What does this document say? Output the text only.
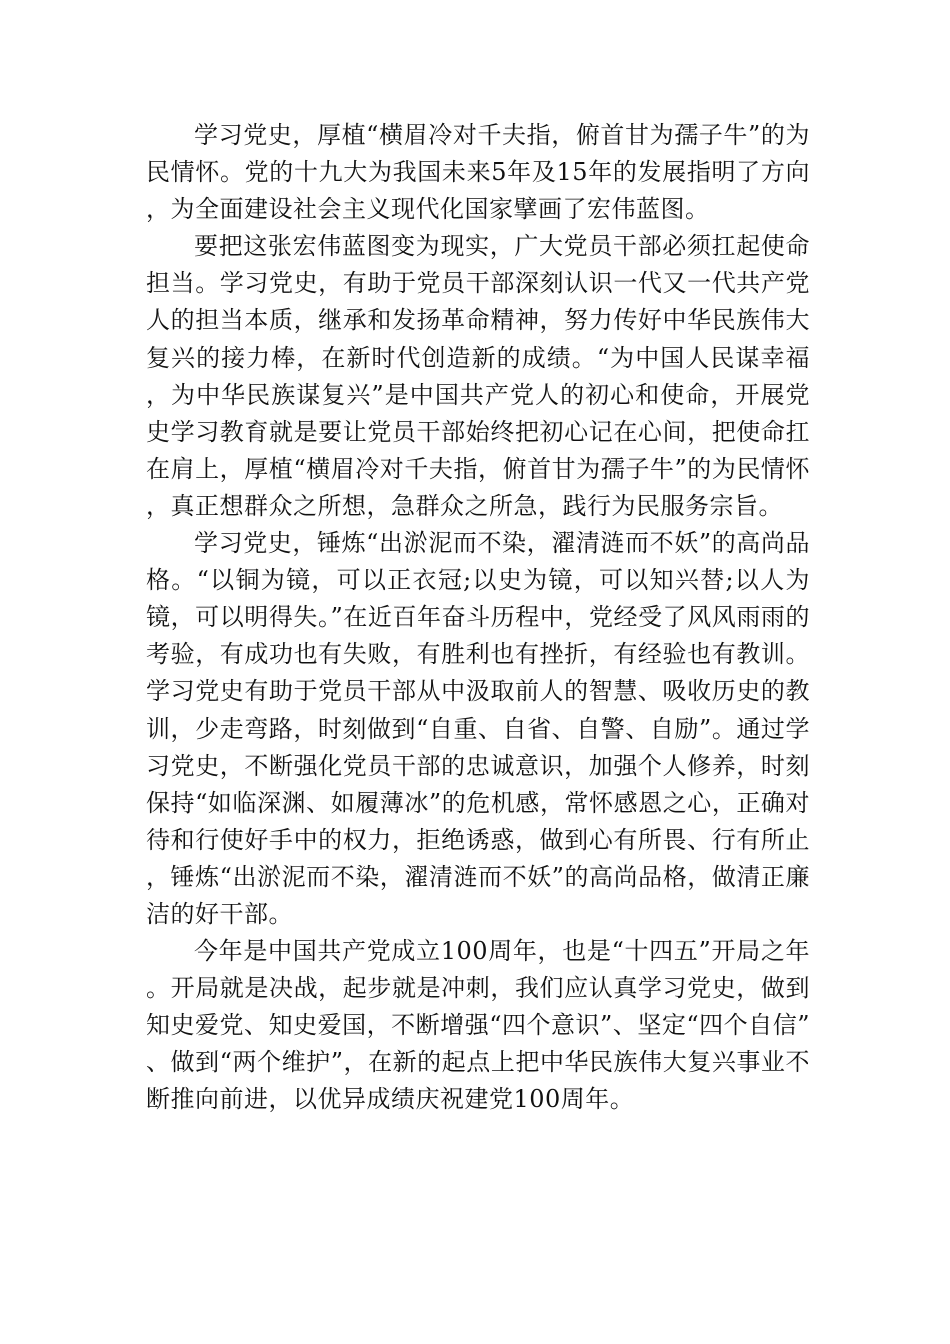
学习党史，厚植“横眉冷对千夫指，俯首甘为孺子牛”的为民情怀。党的十九大为我国未来5年及15年的发展指明了方向，为全面建设社会主义现代化国家擘画了宏伟蓝图。

要把这张宏伟蓝图变为现实，广大党员干部必须扛起使命担当。学习党史，有助于党员干部深刻认识一代又一代共产党人的担当本质，继承和发扬革命精神，努力传好中华民族伟大复兴的接力棒，在新时代创造新的成绩。“为中国人民谋幸福，为中华民族谋复兴”是中国共产党人的初心和使命，开展党史学习教育就是要让党员干部始终把初心记在心间，把使命扛在肩上，厚植“横眉冷对千夫指，俯首甘为孺子牛”的为民情怀，真正想群众之所想，急群众之所急，践行为民服务宗旨。

学习党史，锤炼“出淤泥而不染，濯清涟而不妖”的高尚品格。“以铜为镜，可以正衣冠;以史为镜，可以知兴替;以人为镜，可以明得失。”在近百年奋斗历程中，党经受了风风雨雨的考验，有成功也有失败，有胜利也有挫折，有经验也有教训。学习党史有助于党员干部从中汲取前人的智慧、吸收历史的教训，少走弯路，时刻做到“自重、自省、自警、自励”。通过学习党史，不断强化党员干部的忠诚意识，加强个人修养，时刻保持“如临深渊、如履薄冰”的危机感，常怀感恩之心，正确对待和行使好手中的权力，拒绝诱惑，做到心有所畏、行有所止，锤炼“出淤泥而不染，濯清涟而不妖”的高尚品格，做清正廉洁的好干部。

今年是中国共产党成立100周年，也是“十四五”开局之年。开局就是决战，起步就是冲刺，我们应认真学习党史，做到知史爱党、知史爱国，不断增强“四个意识”、坚定“四个自信”、做到“两个维护”，在新的起点上把中华民族伟大复兴事业不断推向前进，以优异成绩庆祝建党100周年。
